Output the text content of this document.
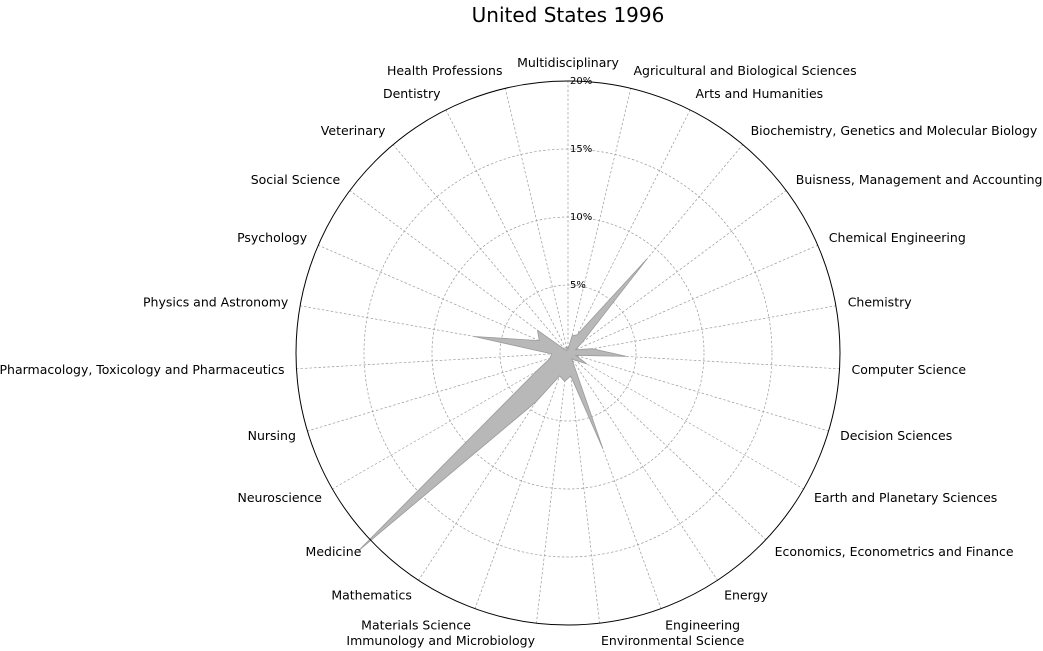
United States 1996
5%
10%
15%
20%
Multidisciplinary
Agricultural and Biological Sciences
Arts and Humanities
Biochemistry, Genetics and Molecular Biology
Buisness, Management and Accounting
Chemical Engineering
Chemistry
Computer Science
Decision Sciences
Earth and Planetary Sciences
Economics, Econometrics and Finance
Energy
Engineering
Environmental Science
Immunology and Microbiology
Materials Science
Mathematics
Medicine
Neuroscience
Nursing
Pharmacology, Toxicology and Pharmaceutics
Physics and Astronomy
Psychology
Social Science
Veterinary
Dentistry
Health Professions
